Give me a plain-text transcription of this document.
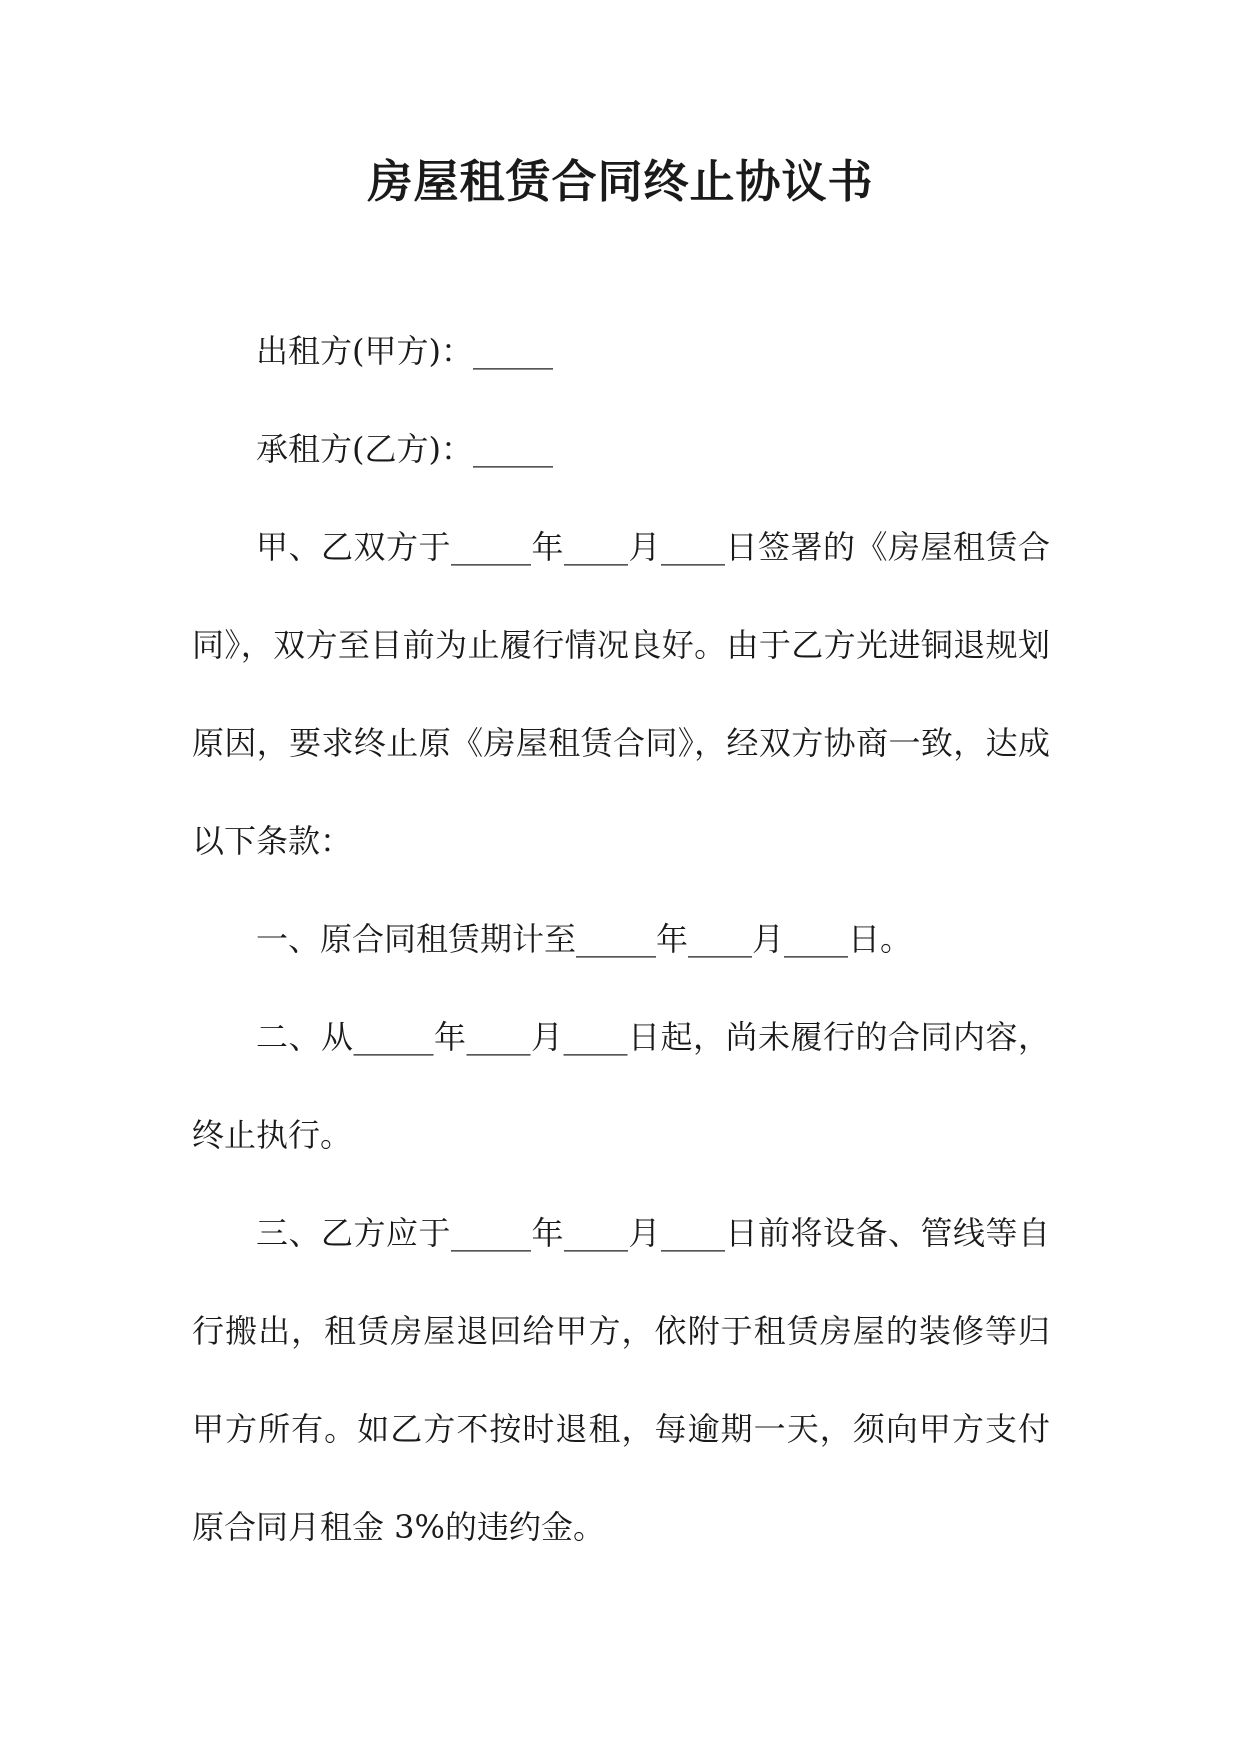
房屋租赁合同终止协议书

出租方(甲方)：_____

承租方(乙方)：_____

甲、乙双方于_____年____月____日签署的《房屋租赁合同》，双方至目前为止履行情况良好。由于乙方光进铜退规划原因，要求终止原《房屋租赁合同》，经双方协商一致，达成以下条款：

一、原合同租赁期计至_____年____月____日。

二、从_____年____月____日起，尚未履行的合同内容，终止执行。

三、乙方应于_____年____月____日前将设备、管线等自行搬出，租赁房屋退回给甲方，依附于租赁房屋的装修等归甲方所有。如乙方不按时退租，每逾期一天，须向甲方支付原合同月租金 3%的违约金。
